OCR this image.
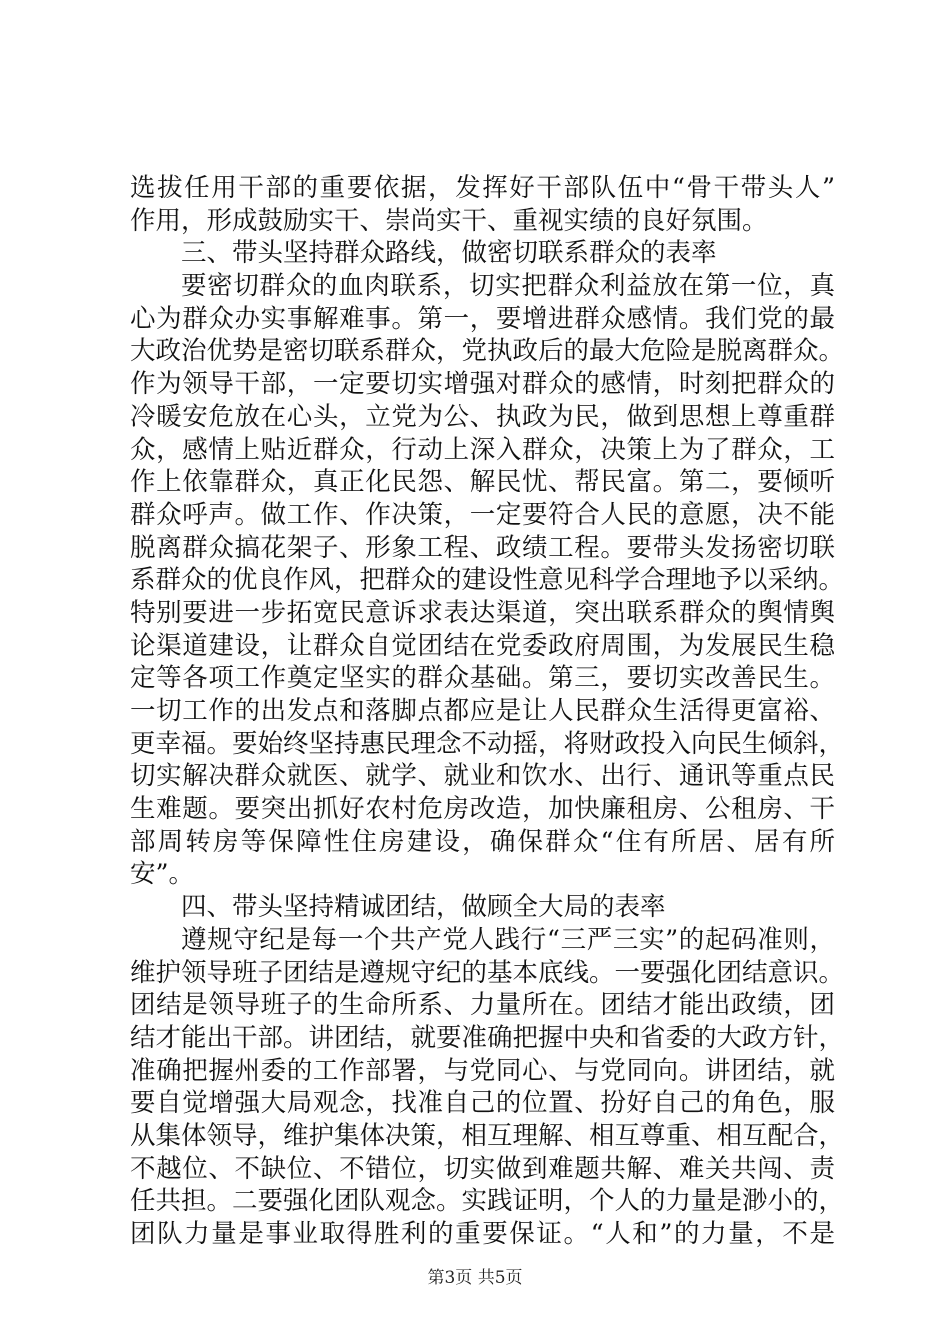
选拔任用干部的重要依据，发挥好干部队伍中“骨干带头人”
作用，形成鼓励实干、崇尚实干、重视实绩的良好氛围。
三、带头坚持群众路线，做密切联系群众的表率
要密切群众的血肉联系，切实把群众利益放在第一位，真
心为群众办实事解难事。第一，要增进群众感情。我们党的最
大政治优势是密切联系群众，党执政后的最大危险是脱离群众。
作为领导干部，一定要切实增强对群众的感情，时刻把群众的
冷暖安危放在心头，立党为公、执政为民，做到思想上尊重群
众，感情上贴近群众，行动上深入群众，决策上为了群众，工
作上依靠群众，真正化民怨、解民忧、帮民富。第二，要倾听
群众呼声。做工作、作决策，一定要符合人民的意愿，决不能
脱离群众搞花架子、形象工程、政绩工程。要带头发扬密切联
系群众的优良作风，把群众的建设性意见科学合理地予以采纳。
特别要进一步拓宽民意诉求表达渠道，突出联系群众的舆情舆
论渠道建设，让群众自觉团结在党委政府周围，为发展民生稳
定等各项工作奠定坚实的群众基础。第三，要切实改善民生。
一切工作的出发点和落脚点都应是让人民群众生活得更富裕、
更幸福。要始终坚持惠民理念不动摇，将财政投入向民生倾斜，
切实解决群众就医、就学、就业和饮水、出行、通讯等重点民
生难题。要突出抓好农村危房改造，加快廉租房、公租房、干
部周转房等保障性住房建设，确保群众“住有所居、居有所
安”。
四、带头坚持精诚团结，做顾全大局的表率
遵规守纪是每一个共产党人践行“三严三实”的起码准则，
维护领导班子团结是遵规守纪的基本底线。一要强化团结意识。
团结是领导班子的生命所系、力量所在。团结才能出政绩，团
结才能出干部。讲团结，就要准确把握中央和省委的大政方针，
准确把握州委的工作部署，与党同心、与党同向。讲团结，就
要自觉增强大局观念，找准自己的位置、扮好自己的角色，服
从集体领导，维护集体决策，相互理解、相互尊重、相互配合，
不越位、不缺位、不错位，切实做到难题共解、难关共闯、责
任共担。二要强化团队观念。实践证明，个人的力量是渺小的，
团队力量是事业取得胜利的重要保证。“人和”的力量，不是
第3页 共5页
